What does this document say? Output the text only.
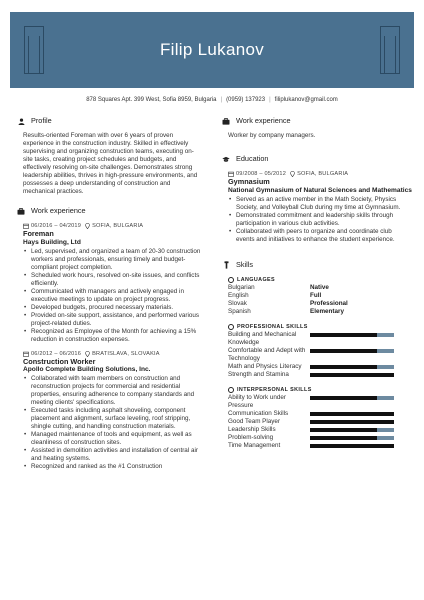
Filip Lukanov
878 Squares Apt. 399 West, Sofia 8959, Bulgaria | (0959) 137923 | filiplukanov@gmail.com
Profile

Results-oriented Foreman with over 6 years of proven experience in the construction industry. Skilled in effectively supervising and organizing construction teams, executing on-site tasks, creating project schedules and budgets, and effectively resolving on-site challenges. Demonstrates strong leadership abilities, thrives in high-pressure environments, and possesses a deep understanding of construction and mechanical practices.

Work experience
06/2016 – 04/2019 SOFIA, BULGARIA
Foreman
Hays Building, Ltd
• Led, supervised, and organized a team of 20-30 construction workers and professionals, ensuring timely and budget-compliant project completion.
• Scheduled work hours, resolved on-site issues, and conflicts efficiently.
• Communicated with managers and actively engaged in executive meetings to update on project progress.
• Developed budgets, procured necessary materials.
• Provided on-site support, assistance, and performed various project-related duties.
• Recognized as Employee of the Month for achieving a 15% reduction in construction expenses.
06/2012 – 06/2016 BRATISLAVA, SLOVAKIA
Construction Worker
Apollo Complete Building Solutions, Inc.
• Collaborated with team members on construction and reconstruction projects for commercial and residential properties, ensuring adherence to company standards and meeting clients' specifications.
• Executed tasks including asphalt shoveling, component placement and alignment, surface leveling, roof stripping, shingle cutting, and handling construction materials.
• Managed maintenance of tools and equipment, as well as cleanliness of construction sites.
• Assisted in demolition activities and installation of central air and heating systems.
• Recognized and ranked as the #1 Construction
Work experience

Worker by company managers.

Education
09/2008 – 05/2012 SOFIA, BULGARIA
Gymnasium
National Gymnasium of Natural Sciences and Mathematics
• Served as an active member in the Math Society, Physics Society, and Volleyball Club during my time at Gymnasium.
• Demonstrated commitment and leadership skills through participation in various club activities.
• Collaborated with peers to organize and coordinate club events and initiatives to enhance the student experience.
Skills
LANGUAGES
Bulgarian	Native
English	Full
Slovak	Professional
Spanish	Elementary
PROFESSIONAL SKILLS
Building and Mechanical Knowledge
Comfortable and Adept with Technology
Math and Physics Literacy
Strength and Stamina
INTERPERSONAL SKILLS
Ability to Work under Pressure
Communication Skills
Good Team Player
Leadership Skills
Problem-solving
Time Management
